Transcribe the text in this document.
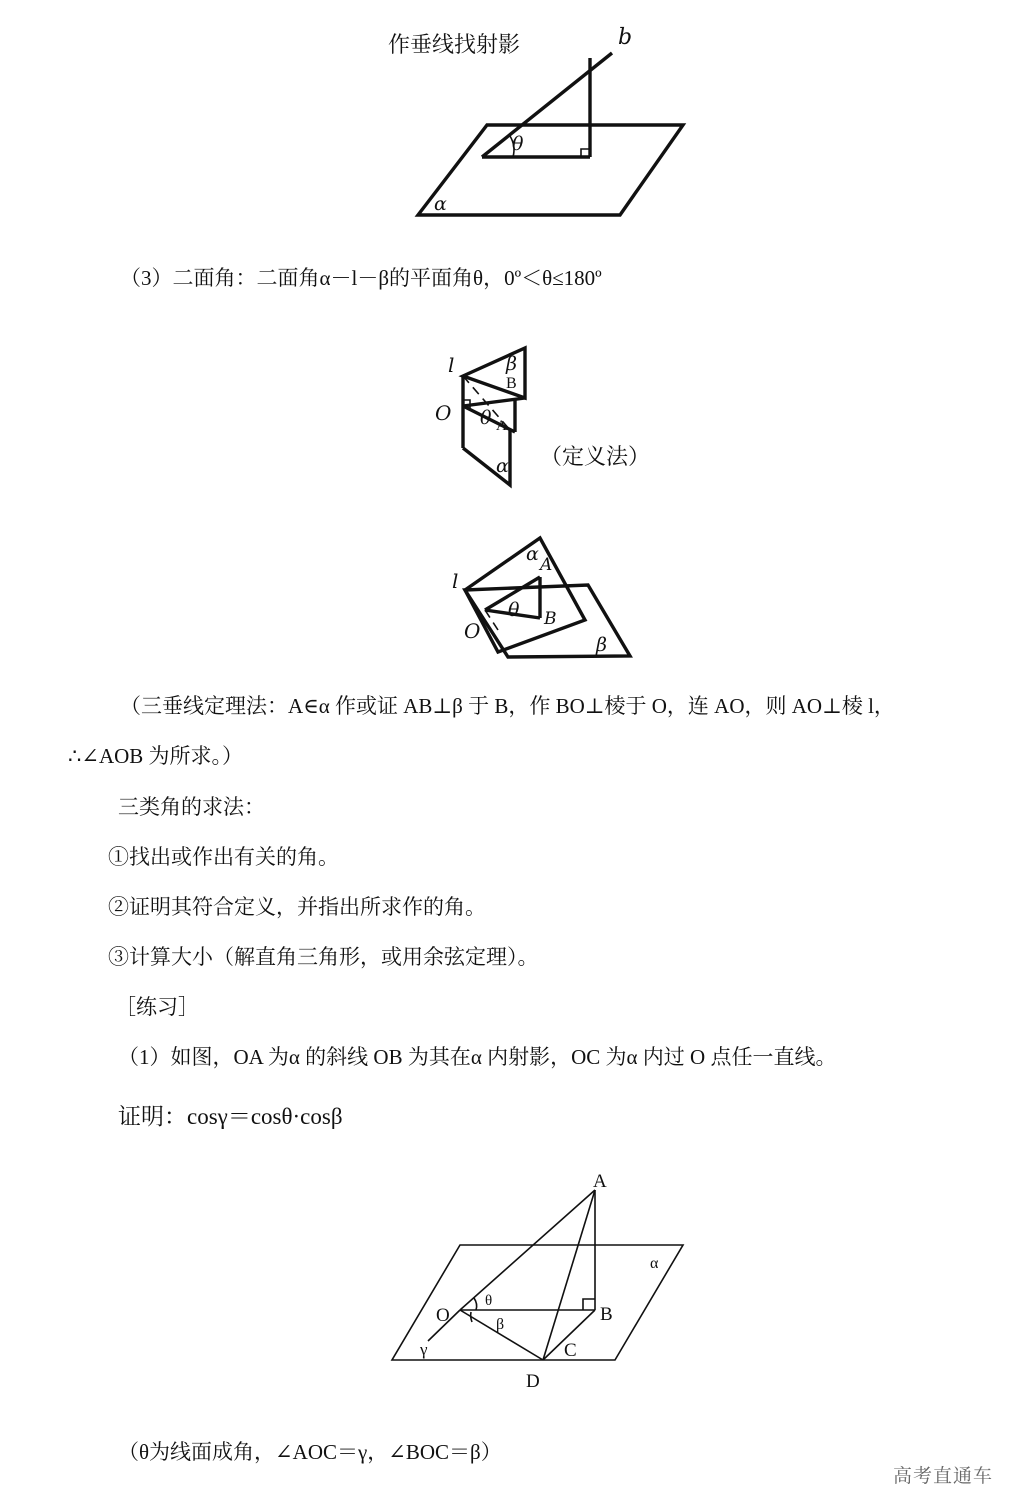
作垂线找射影	b
θ
α
（3）二面角：二面角α－l－β的平面角θ，0º＜θ≤180º
l	β
B
O θ A
α （定义法）
α A
l
θ B
O
β
（三垂线定理法：A∈α 作或证 AB⊥β 于 B，作 BO⊥棱于 O，连 AO，则 AO⊥棱 l，
∴∠AOB 为所求。）
三类角的求法：
①找出或作出有关的角。
②证明其符合定义，并指出所求作的角。
③计算大小（解直角三角形，或用余弦定理）。
［练习］
（1）如图，OA 为α 的斜线 OB 为其在α 内射影，OC 为α 内过 O 点任一直线。
证明：cosγ＝cosθ·cosβ
A
α
O
θ
B
β
γ	C
D
（θ为线面成角，∠AOC＝γ，∠BOC＝β）
高考直通车
